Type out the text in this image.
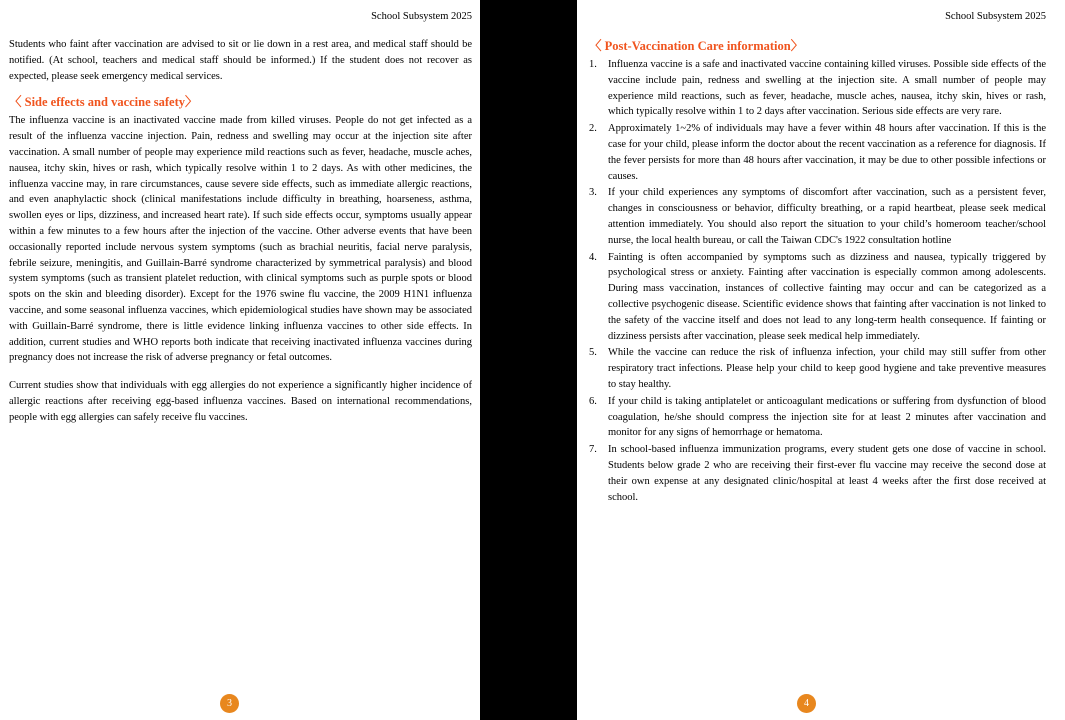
School Subsystem 2025

Students who faint after vaccination are advised to sit or lie down in a rest area, and medical staff should be notified. (At school, teachers and medical staff should be informed.) If the student does not recover as expected, please seek emergency medical services.

〈 Side effects and vaccine safety〉

The influenza vaccine is an inactivated vaccine made from killed viruses. People do not get infected as a result of the influenza vaccine injection. Pain, redness and swelling may occur at the injection site after vaccination. A small number of people may experience mild reactions such as fever, headache, muscle aches, nausea, itchy skin, hives or rash, which typically resolve within 1 to 2 days. As with other medicines, the influenza vaccine may, in rare circumstances, cause severe side effects, such as immediate allergic reactions, and even anaphylactic shock (clinical manifestations include difficulty in breathing, hoarseness, asthma, swollen eyes or lips, dizziness, and increased heart rate). If such side effects occur, symptoms usually appear within a few minutes to a few hours after the injection of the vaccine. Other adverse events that have been occasionally reported include nervous system symptoms (such as brachial neuritis, facial nerve paralysis, febrile seizure, meningitis, and Guillain-Barré syndrome characterized by symmetrical paralysis) and blood system symptoms (such as transient platelet reduction, with clinical symptoms such as purple spots or blood spots on the skin and bleeding disorder). Except for the 1976 swine flu vaccine, the 2009 H1N1 influenza vaccine, and some seasonal influenza vaccines, which epidemiological studies have shown may be associated with Guillain-Barré syndrome, there is little evidence linking influenza vaccines to other side effects. In addition, current studies and WHO reports both indicate that receiving inactivated influenza vaccines during pregnancy does not increase the risk of adverse pregnancy or fetal outcomes.

Current studies show that individuals with egg allergies do not experience a significantly higher incidence of allergic reactions after receiving egg-based influenza vaccines. Based on international recommendations, people with egg allergies can safely receive flu vaccines.

3
School Subsystem 2025
〈 Post-Vaccination Care information〉
1.	Influenza vaccine is a safe and inactivated vaccine containing killed viruses. Possible side effects of the vaccine include pain, redness and swelling at the injection site. A small number of people may experience mild reactions, such as fever, headache, muscle aches, nausea, itchy skin, hives or rash, which typically resolve within 1 to 2 days after vaccination. Serious side effects are very rare.
2.	Approximately 1~2% of individuals may have a fever within 48 hours after vaccination. If this is the case for your child, please inform the doctor about the recent vaccination as a reference for diagnosis. If the fever persists for more than 48 hours after vaccination, it may be due to other possible infections or causes.
3.	If your child experiences any symptoms of discomfort after vaccination, such as a persistent fever, changes in consciousness or behavior, difficulty breathing, or a rapid heartbeat, please seek medical attention immediately. You should also report the situation to your child’s homeroom teacher/school nurse, the local health bureau, or call the Taiwan CDC's 1922 consultation hotline
4.	Fainting is often accompanied by symptoms such as dizziness and nausea, typically triggered by psychological stress or anxiety. Fainting after vaccination is especially common among adolescents. During mass vaccination, instances of collective fainting may occur and can be categorized as a collective psychogenic disease. Scientific evidence shows that fainting after vaccination is not linked to the safety of the vaccine itself and does not lead to any long-term health consequence. If fainting or dizziness persists after vaccination, please seek medical help immediately.
5.	While the vaccine can reduce the risk of influenza infection, your child may still suffer from other respiratory tract infections. Please help your child to keep good hygiene and take preventive measures to stay healthy.
6.	If your child is taking antiplatelet or anticoagulant medications or suffering from dysfunction of blood coagulation, he/she should compress the injection site for at least 2 minutes after vaccination and monitor for any signs of hemorrhage or hematoma.
7.	In school-based influenza immunization programs, every student gets one dose of vaccine in school. Students below grade 2 who are receiving their first-ever flu vaccine may receive the second dose at their own expense at any designated clinic/hospital at least 4 weeks after the first dose received at school.
4
